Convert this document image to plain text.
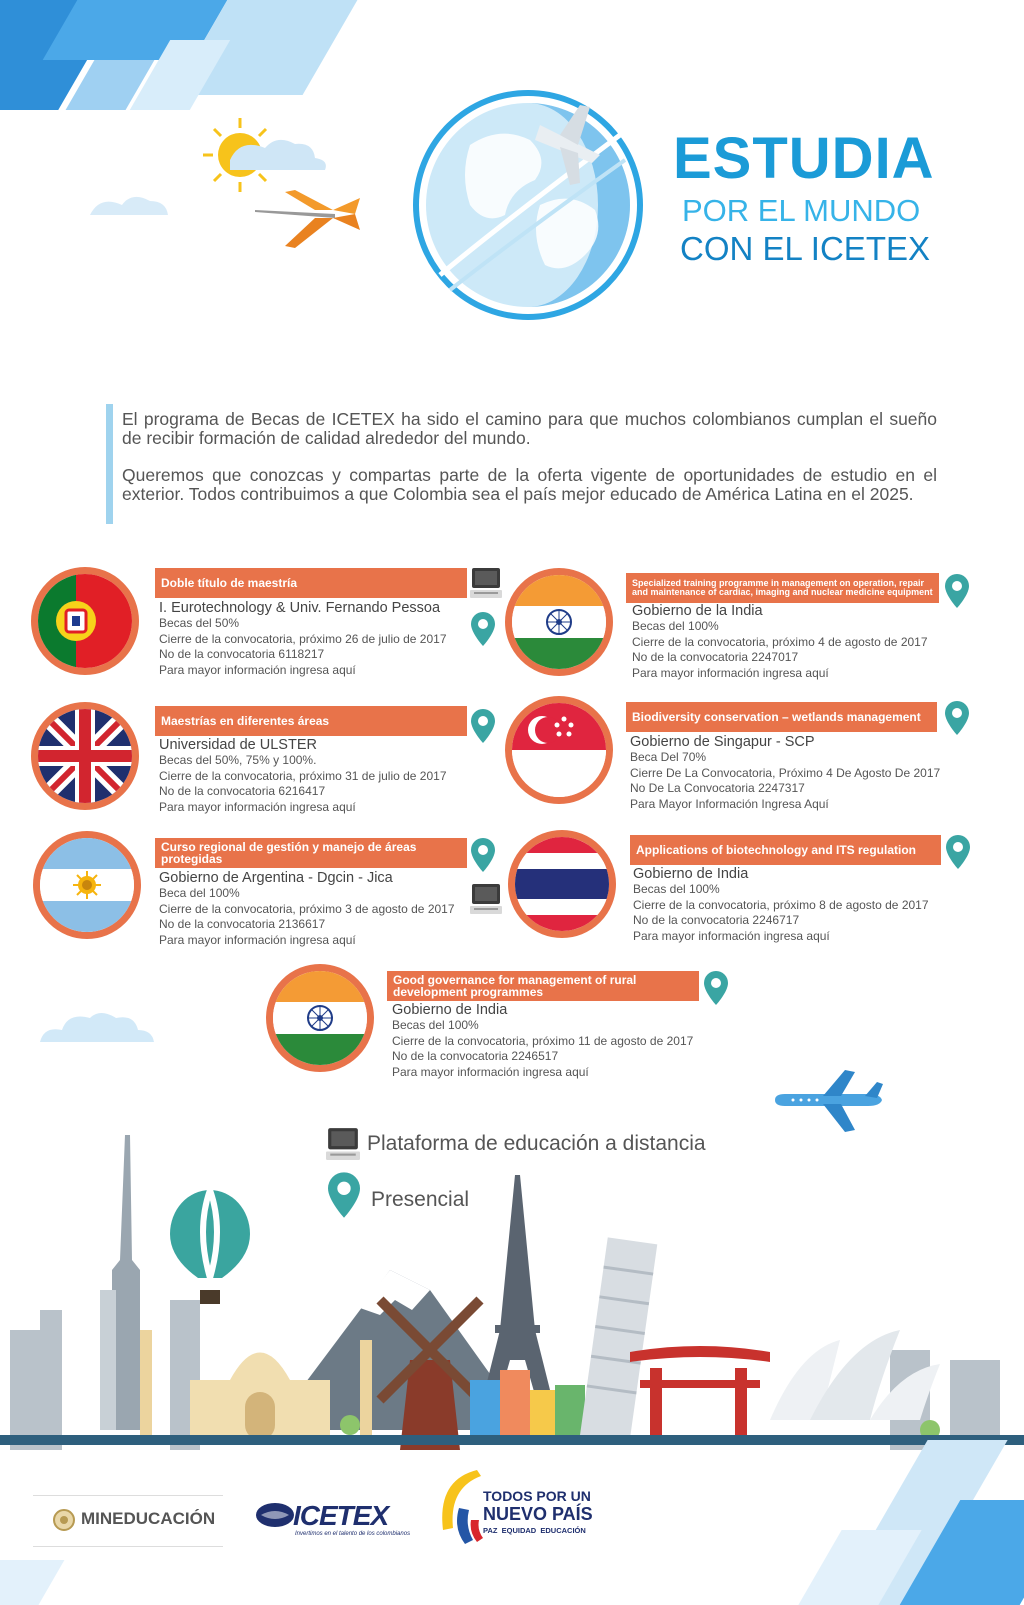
ESTUDIA
POR EL MUNDO
CON EL ICETEX

El programa de Becas de ICETEX ha sido el camino para que muchos colombianos cumplan el sueño de recibir formación de calidad alrededor del mundo.

Queremos que conozcas y compartas parte de la oferta vigente de oportunidades de estudio en el exterior. Todos contribuimos a que Colombia sea el país mejor educado de América Latina en el 2025.

Doble título de maestría
I. Eurotechnology & Univ. Fernando Pessoa
Becas del 50%
Cierre de la convocatoria, próximo 26 de julio de 2017
No de la convocatoria 6118217
Para mayor información ingresa aquí
Specialized training programme in management on operation, repair and maintenance of cardiac, imaging and nuclear medicine equipment
Gobierno de la India
Becas del 100%
Cierre de la convocatoria, próximo 4 de agosto de 2017
No de la convocatoria 2247017
Para mayor información ingresa aquí
Maestrías en diferentes áreas
Universidad de ULSTER
Becas del 50%, 75% y 100%.
Cierre de la convocatoria, próximo 31 de julio de 2017
No de la convocatoria 6216417
Para mayor información ingresa aquí
Biodiversity conservation – wetlands management
Gobierno de Singapur - SCP
Beca Del 70%
Cierre De La Convocatoria, Próximo 4 De Agosto De 2017
No De La Convocatoria 2247317
Para Mayor Información Ingresa Aquí
Curso regional de gestión y manejo de áreas protegidas
Gobierno de Argentina - Dgcin - Jica
Beca del 100%
Cierre de la convocatoria, próximo 3 de agosto de 2017
No de la convocatoria 2136617
Para mayor información ingresa aquí
Applications of biotechnology and ITS regulation
Gobierno de India
Becas del 100%
Cierre de la convocatoria, próximo 8 de agosto de 2017
No de la convocatoria 2246717
Para mayor información ingresa aquí
Good governance for management of rural development programmes
Gobierno de India
Becas del 100%
Cierre de la convocatoria, próximo 11 de agosto de 2017
No de la convocatoria 2246517
Para mayor información ingresa aquí
Plataforma de educación a distancia
Presencial
MINEDUCACIÓN	ICETEX
Invertimos en el talento de los colombianos
TODOS POR UN
NUEVO PAÍS
PAZ  EQUIDAD  EDUCACIÓN
